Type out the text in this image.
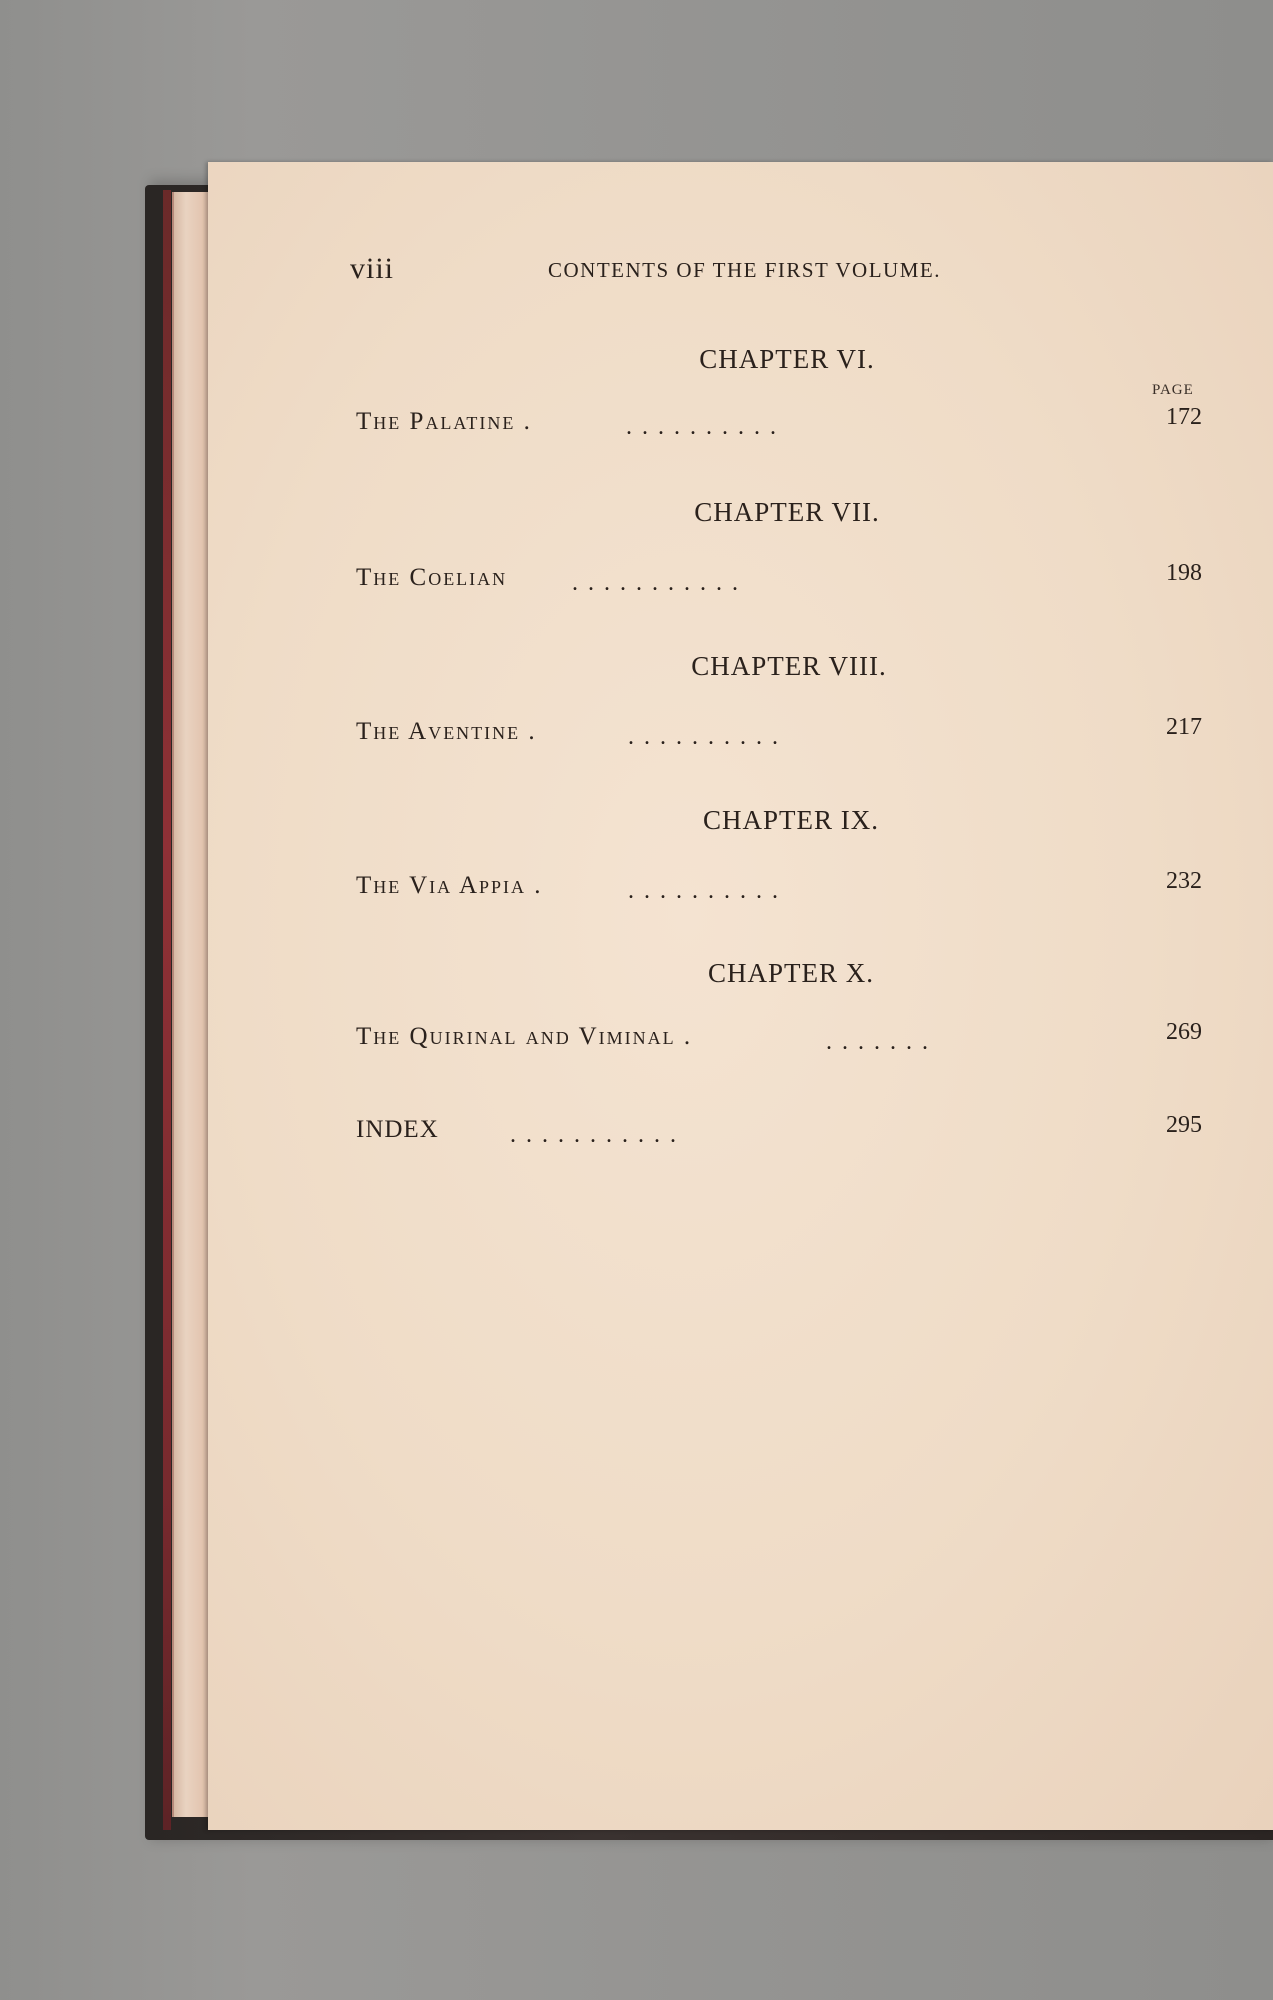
viii	CONTENTS OF THE FIRST VOLUME.
CHAPTER VI.
PAGE
The Palatine .	. . . . . . . . . .	172
CHAPTER VII.
The Coelian	. . . . . . . . . . .	198
CHAPTER VIII.
The Aventine .	. . . . . . . . . .	217
CHAPTER IX.
The Via Appia .	. . . . . . . . . .	232
CHAPTER X.
The Quirinal and Viminal .	. . . . . . .	269
INDEX	. . . . . . . . . . .	295
